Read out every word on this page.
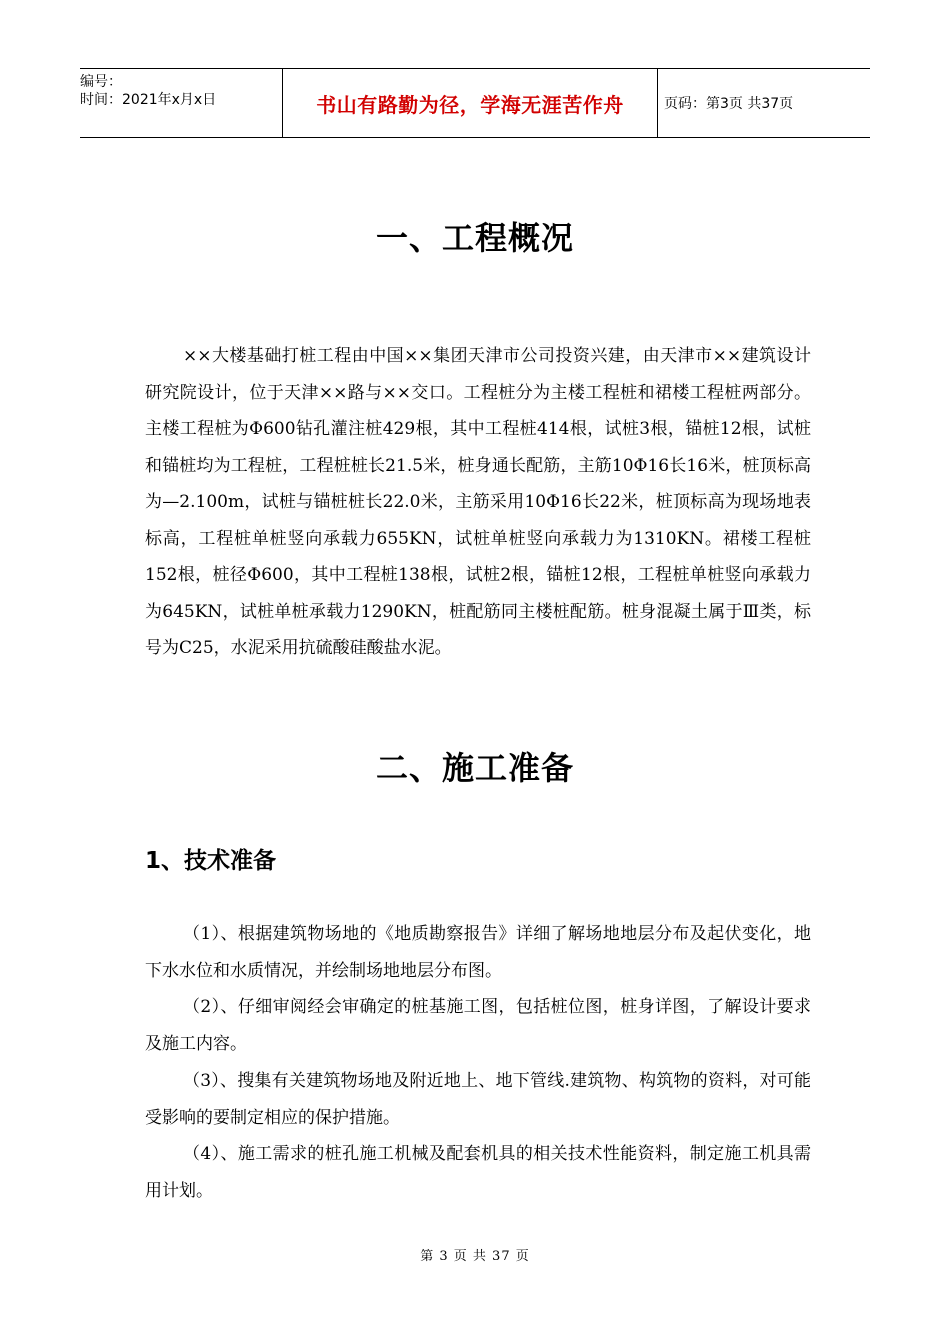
编号：
时间：2021年x月x日	书山有路勤为径，学海无涯苦作舟	页码：第3页 共37页
一、工程概况

××大楼基础打桩工程由中国××集团天津市公司投资兴建，由天津市××建筑设计研究院设计，位于天津××路与××交口。工程桩分为主楼工程桩和裙楼工程桩两部分。主楼工程桩为Φ600钻孔灌注桩429根，其中工程桩414根，试桩3根，锚桩12根，试桩和锚桩均为工程桩，工程桩桩长21.5米，桩身通长配筋，主筋10Φ16长16米，桩顶标高为—2.100m，试桩与锚桩桩长22.0米，主筋采用10Φ16长22米，桩顶标高为现场地表标高，工程桩单桩竖向承载力655KN，试桩单桩竖向承载力为1310KN。裙楼工程桩152根，桩径Φ600，其中工程桩138根，试桩2根，锚桩12根，工程桩单桩竖向承载力为645KN，试桩单桩承载力1290KN，桩配筋同主楼桩配筋。桩身混凝土属于Ⅲ类，标号为C25，水泥采用抗硫酸硅酸盐水泥。

二、施工准备
1、技术准备

（1）、根据建筑物场地的《地质勘察报告》详细了解场地地层分布及起伏变化，地下水水位和水质情况，并绘制场地地层分布图。

（2）、仔细审阅经会审确定的桩基施工图，包括桩位图，桩身详图，了解设计要求及施工内容。

（3）、搜集有关建筑物场地及附近地上、地下管线.建筑物、构筑物的资料，对可能受影响的要制定相应的保护措施。

（4）、施工需求的桩孔施工机械及配套机具的相关技术性能资料，制定施工机具需用计划。

第 3 页 共 37 页
